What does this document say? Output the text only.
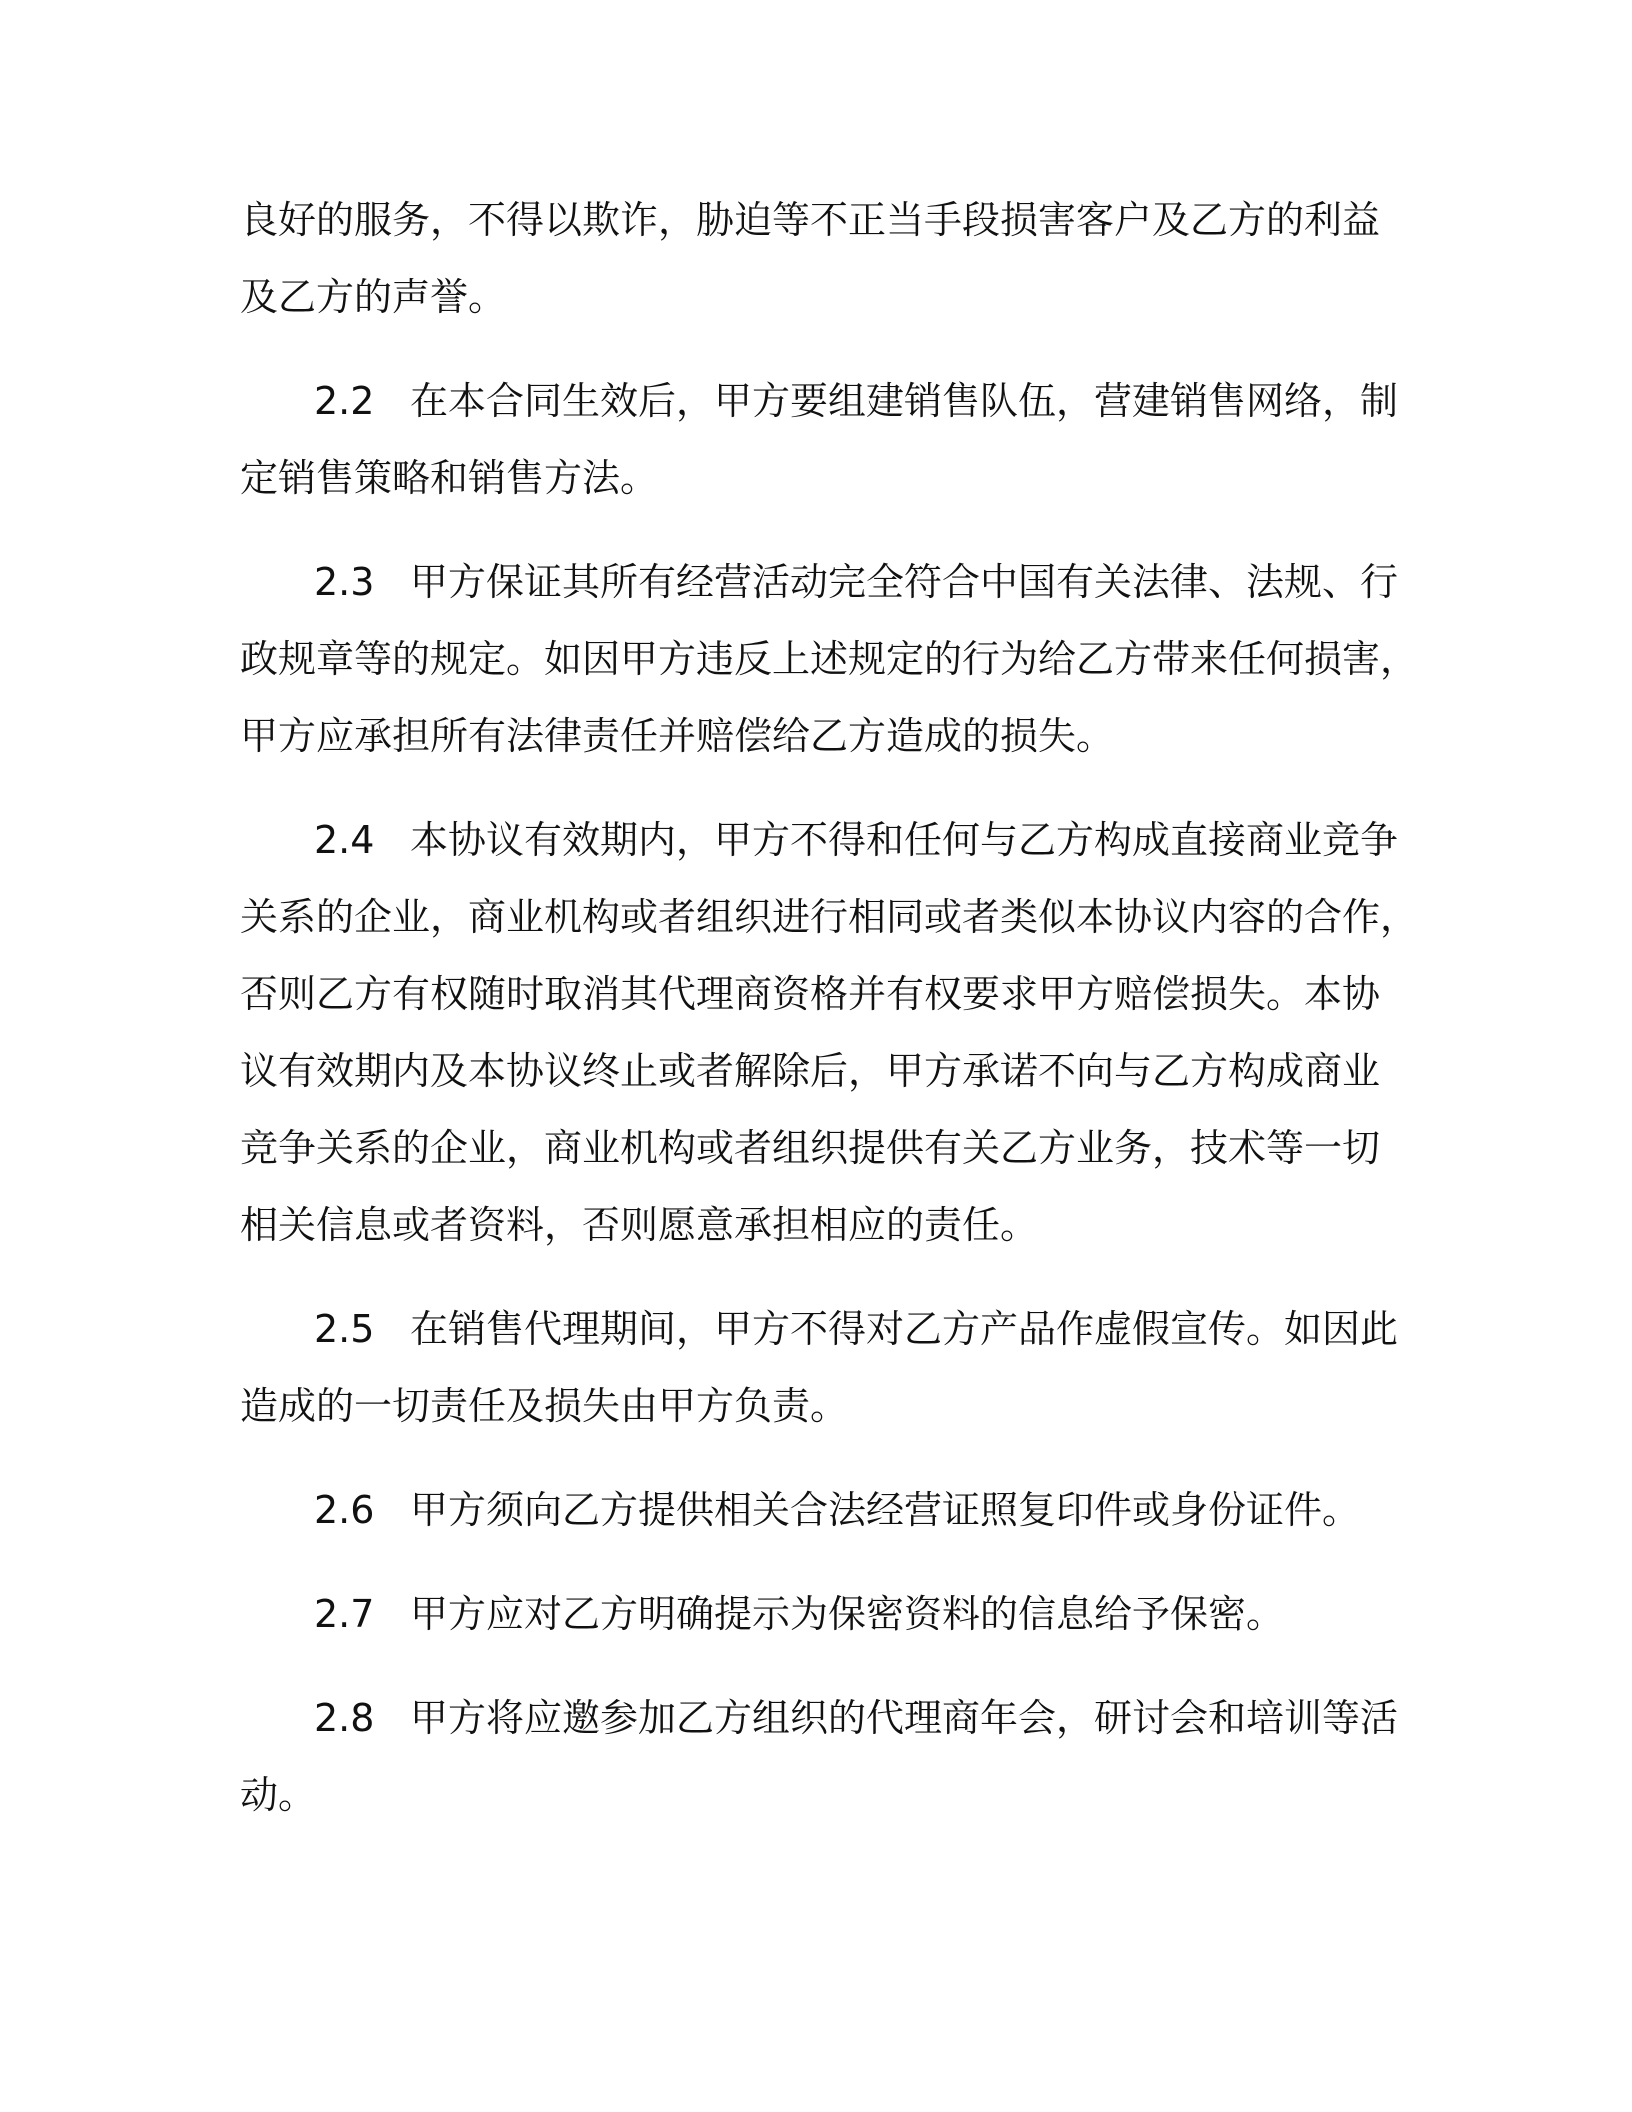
良好的服务，不得以欺诈，胁迫等不正当手段损害客户及乙方的利益
及乙方的声誉。
2.2 在本合同生效后，甲方要组建销售队伍，营建销售网络，制
定销售策略和销售方法。
2.3 甲方保证其所有经营活动完全符合中国有关法律、法规、行
政规章等的规定。如因甲方违反上述规定的行为给乙方带来任何损害，
甲方应承担所有法律责任并赔偿给乙方造成的损失。
2.4 本协议有效期内，甲方不得和任何与乙方构成直接商业竞争
关系的企业，商业机构或者组织进行相同或者类似本协议内容的合作，
否则乙方有权随时取消其代理商资格并有权要求甲方赔偿损失。本协
议有效期内及本协议终止或者解除后，甲方承诺不向与乙方构成商业
竞争关系的企业，商业机构或者组织提供有关乙方业务，技术等一切
相关信息或者资料，否则愿意承担相应的责任。
2.5 在销售代理期间，甲方不得对乙方产品作虚假宣传。如因此
造成的一切责任及损失由甲方负责。
2.6 甲方须向乙方提供相关合法经营证照复印件或身份证件。
2.7 甲方应对乙方明确提示为保密资料的信息给予保密。
2.8 甲方将应邀参加乙方组织的代理商年会，研讨会和培训等活
动。
